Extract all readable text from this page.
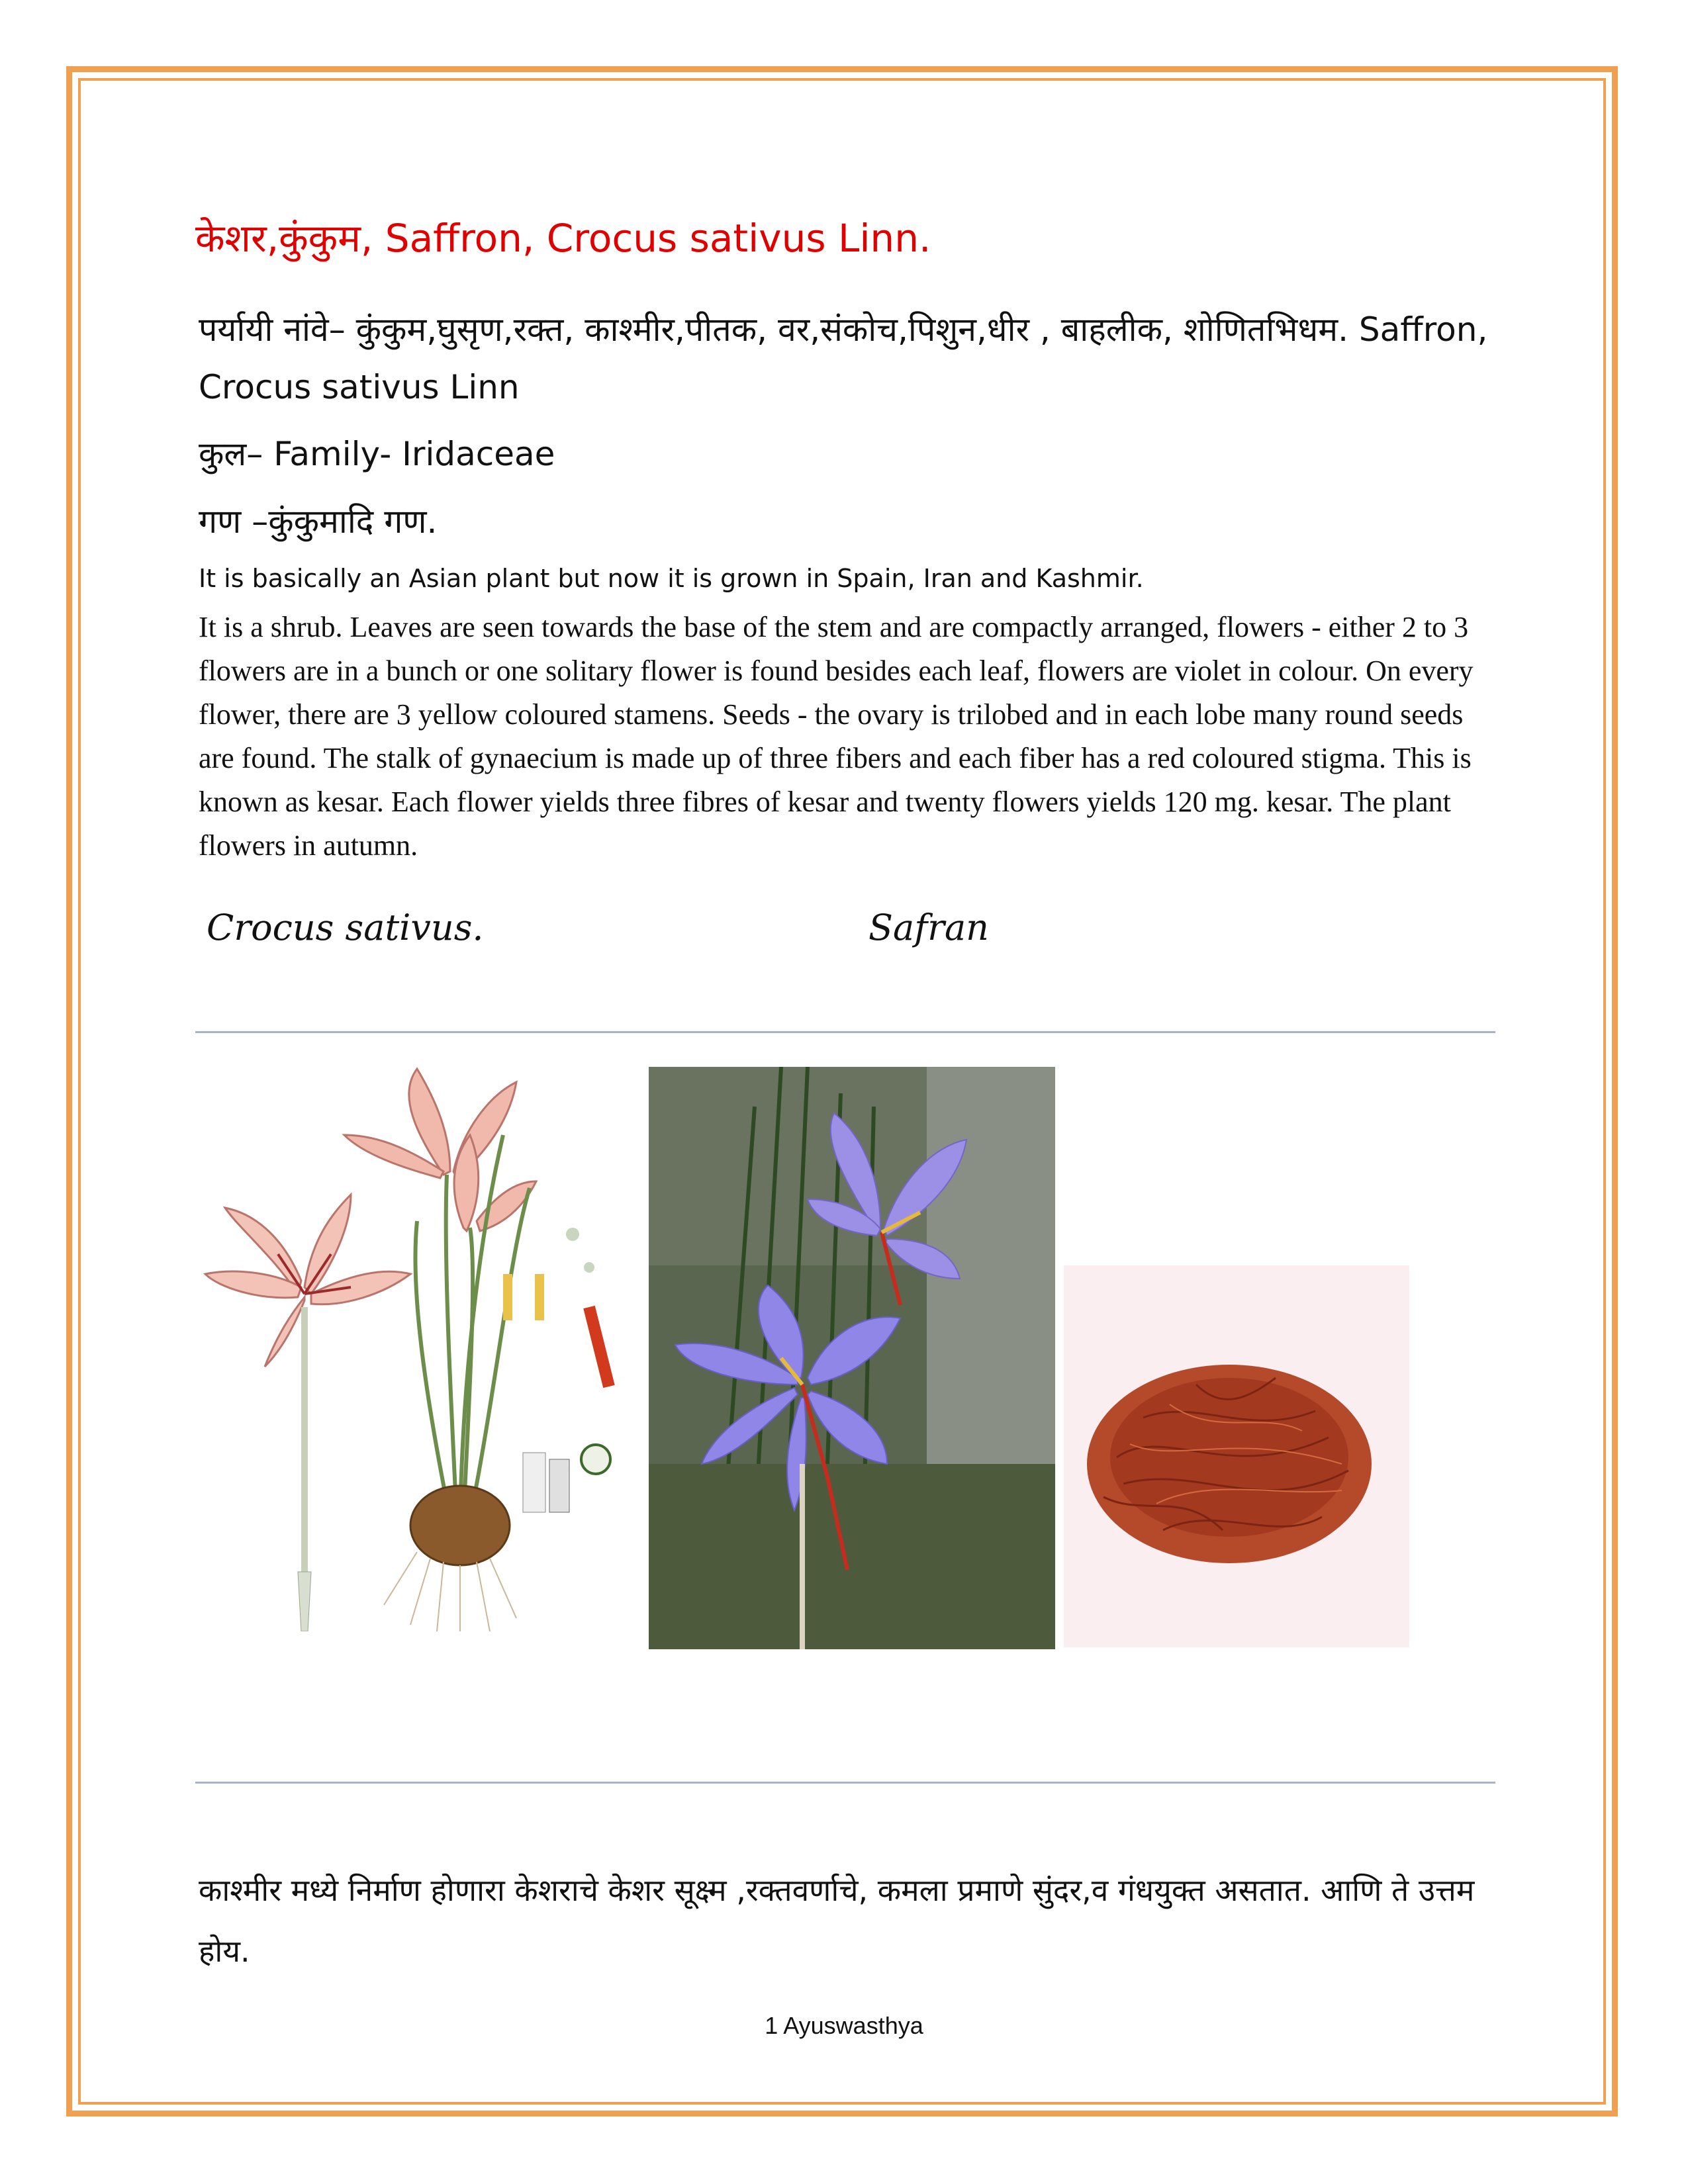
केशर,कुंकुम, Saffron, Crocus sativus Linn.
पर्यायी नांवे– कुंकुम,घुसृण,रक्त, काश्मीर,पीतक, वर,संकोच,पिशुन,धीर , बाहलीक, शोणितभिधम. Saffron,
Crocus sativus Linn
कुल– Family- Iridaceae
गण –कुंकुमादि गण.
It is basically an Asian plant but now it is grown in Spain, Iran and Kashmir.
It is a shrub. Leaves are seen towards the base of the stem and are compactly arranged, flowers - either 2 to 3 flowers are in a bunch or one solitary flower is found besides each leaf, flowers are violet in colour. On every flower, there are 3 yellow coloured stamens. Seeds - the ovary is trilobed and in each lobe many round seeds are found. The stalk of gynaecium is made up of three fibers and each fiber has a red coloured stigma. This is known as kesar. Each flower yields three fibres of kesar and twenty flowers yields 120 mg. kesar. The plant flowers in autumn.
Crocus sativus.	Safran
काश्मीर मध्ये निर्माण होणारा केशराचे केशर सूक्ष्म ,रक्तवर्णाचे, कमला प्रमाणे सुंदर,व गंधयुक्त असतात. आणि ते उत्तम होय.
1 Ayuswasthya
